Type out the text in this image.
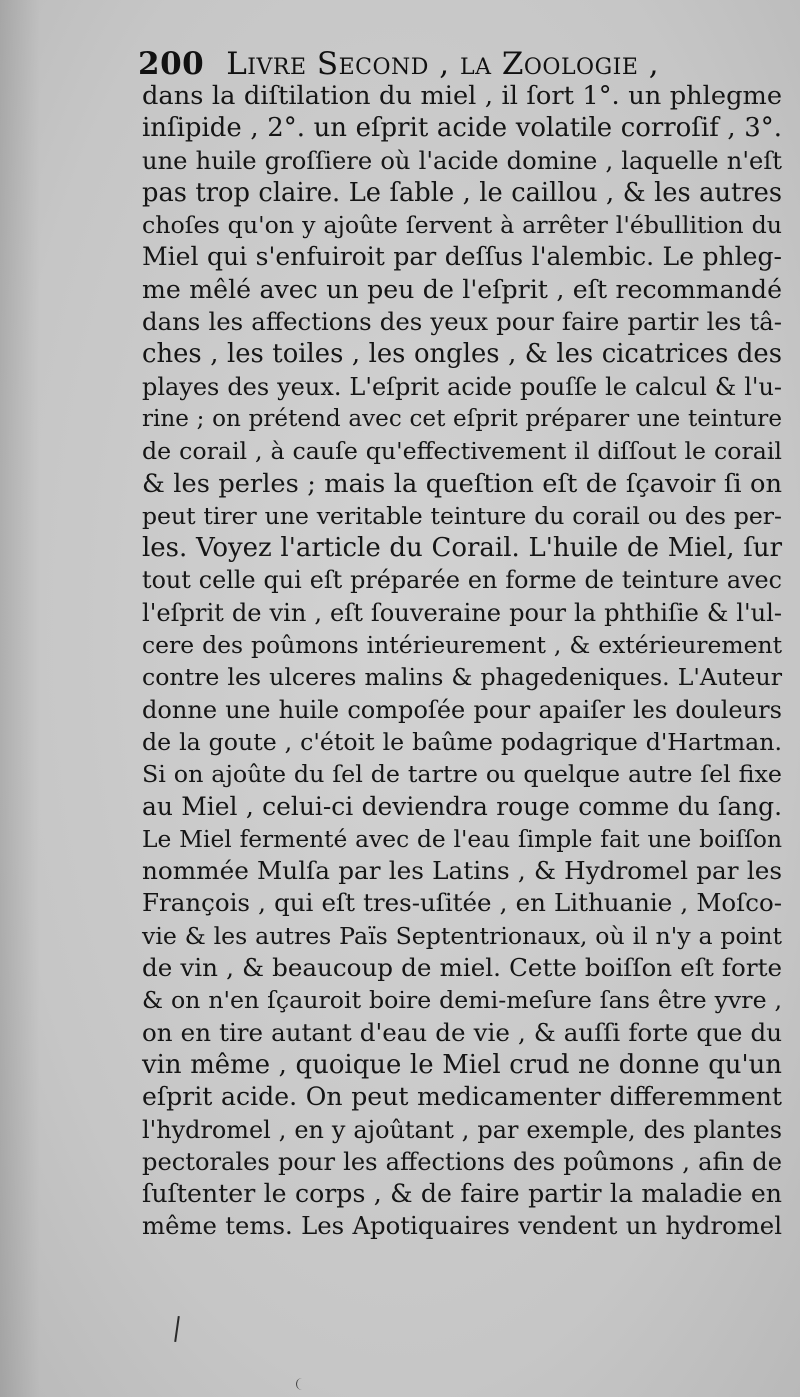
200 Livre Second , la Zoologie ,
dans la diſtilation du miel , il ſort 1°. un phlegme
inſipide , 2°. un eſprit acide volatile corroſif , 3°.
une huile groſſiere où l'acide domine , laquelle n'eſt
pas trop claire. Le ſable , le caillou , & les autres
choſes qu'on y ajoûte ſervent à arrêter l'ébullition du
Miel qui s'enfuiroit par deſſus l'alembic. Le phleg-
me mêlé avec un peu de l'eſprit , eſt recommandé
dans les affections des yeux pour faire partir les tâ-
ches , les toiles , les ongles , & les cicatrices des
playes des yeux. L'eſprit acide pouſſe le calcul & l'u-
rine ; on prétend avec cet eſprit préparer une teinture
de corail , à cauſe qu'effectivement il diſſout le corail
& les perles ; mais la queſtion eſt de ſçavoir ſi on
peut tirer une veritable teinture du corail ou des per-
les. Voyez l'article du Corail. L'huile de Miel, ſur
tout celle qui eſt préparée en forme de teinture avec
l'eſprit de vin , eſt ſouveraine pour la phthiſie & l'ul-
cere des poûmons intérieurement , & extérieurement
contre les ulceres malins & phagedeniques. L'Auteur
donne une huile compoſée pour apaiſer les douleurs
de la goute , c'étoit le baûme podagrique d'Hartman.
Si on ajoûte du ſel de tartre ou quelque autre ſel fixe
au Miel , celui-ci deviendra rouge comme du ſang.
Le Miel fermenté avec de l'eau ſimple fait une boiſſon
nommée Mulſa par les Latins , & Hydromel par les
François , qui eſt tres-uſitée , en Lithuanie , Moſco-
vie & les autres Païs Septentrionaux, où il n'y a point
de vin , & beaucoup de miel. Cette boiſſon eſt forte
& on n'en ſçauroit boire demi-meſure ſans être yvre ,
on en tire autant d'eau de vie , & auſſi forte que du
vin même , quoique le Miel crud ne donne qu'un
eſprit acide. On peut medicamenter differemment
l'hydromel , en y ajoûtant , par exemple, des plantes
pectorales pour les affections des poûmons , afin de
ſuſtenter le corps , & de faire partir la maladie en
même tems. Les Apotiquaires vendent un hydromel
